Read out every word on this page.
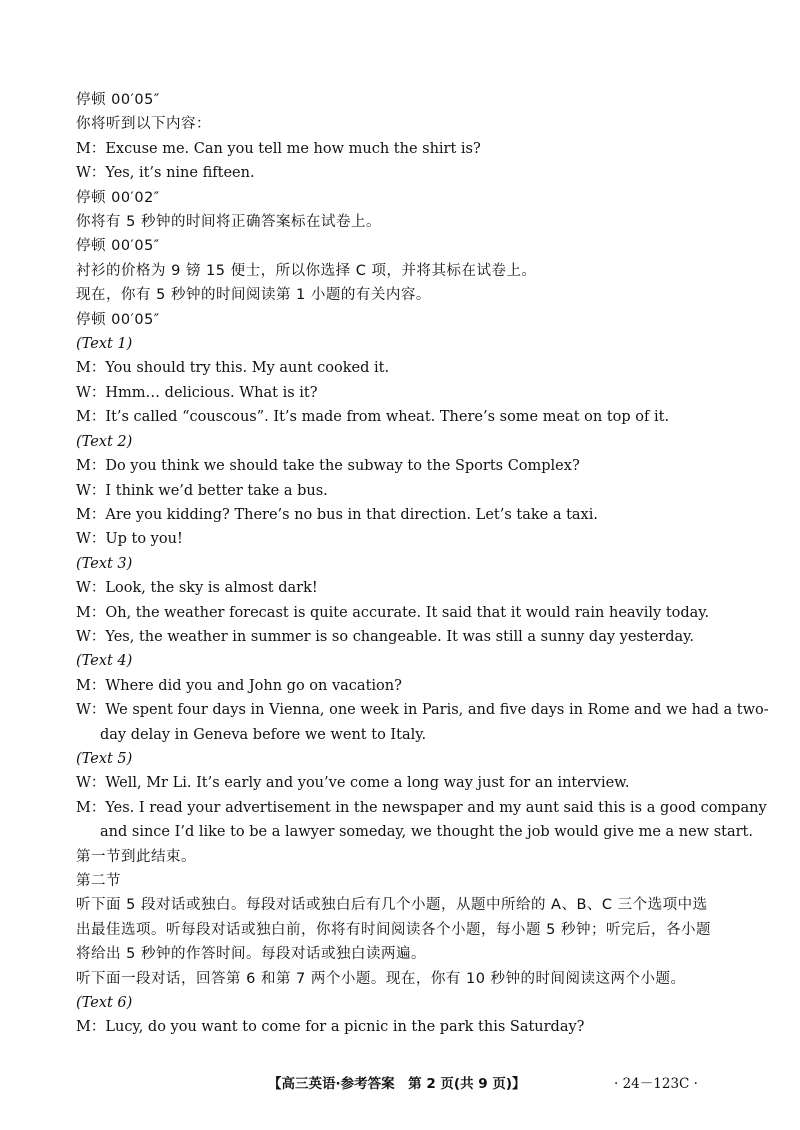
停顿 00′05″

你将听到以下内容：

M：Excuse me. Can you tell me how much the shirt is?

W：Yes, it’s nine fifteen.

停顿 00′02″

你将有 5 秒钟的时间将正确答案标在试卷上。

停顿 00′05″

衬衫的价格为 9 镑 15 便士，所以你选择 C 项，并将其标在试卷上。

现在，你有 5 秒钟的时间阅读第 1 小题的有关内容。

停顿 00′05″

(Text 1)

M：You should try this. My aunt cooked it.

W：Hmm… delicious. What is it?

M：It’s called “couscous”. It’s made from wheat. There’s some meat on top of it.

(Text 2)

M：Do you think we should take the subway to the Sports Complex?

W：I think we’d better take a bus.

M：Are you kidding? There’s no bus in that direction. Let’s take a taxi.

W：Up to you!

(Text 3)

W：Look, the sky is almost dark!

M：Oh, the weather forecast is quite accurate. It said that it would rain heavily today.

W：Yes, the weather in summer is so changeable. It was still a sunny day yesterday.

(Text 4)

M：Where did you and John go on vacation?

W：We spent four days in Vienna, one week in Paris, and five days in Rome and we had a two-

day delay in Geneva before we went to Italy.

(Text 5)

W：Well, Mr Li. It’s early and you’ve come a long way just for an interview.

M：Yes. I read your advertisement in the newspaper and my aunt said this is a good company

and since I’d like to be a lawyer someday, we thought the job would give me a new start.

第一节到此结束。

第二节

听下面 5 段对话或独白。每段对话或独白后有几个小题，从题中所给的 A、B、C 三个选项中选

出最佳选项。听每段对话或独白前，你将有时间阅读各个小题，每小题 5 秒钟；听完后，各小题

将给出 5 秒钟的作答时间。每段对话或独白读两遍。

听下面一段对话，回答第 6 和第 7 两个小题。现在，你有 10 秒钟的时间阅读这两个小题。

(Text 6)

M：Lucy, do you want to come for a picnic in the park this Saturday?

【高三英语·参考答案　第 2 页(共 9 页)】	· 24－123C ·
